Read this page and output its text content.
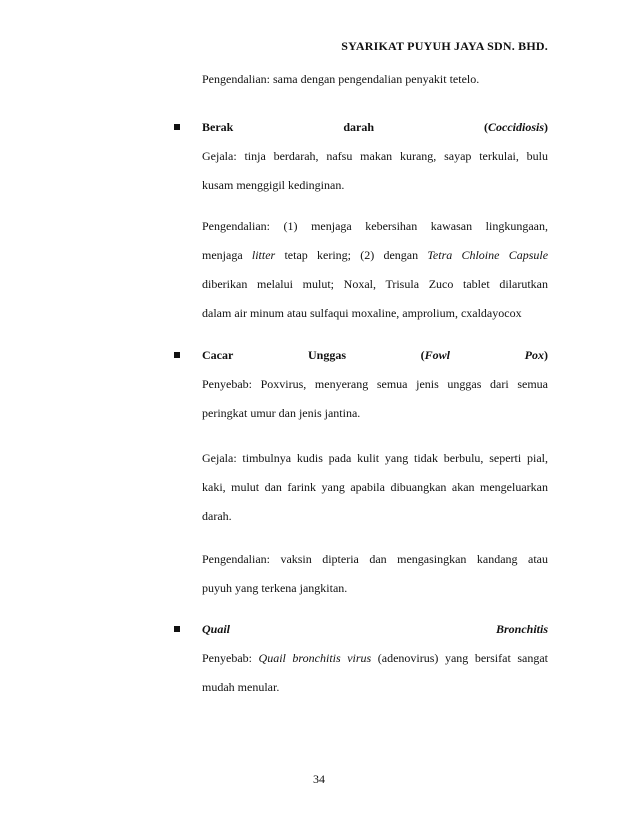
SYARIKAT PUYUH JAYA SDN. BHD.
Pengendalian: sama dengan pengendalian penyakit tetelo.
Berak	darah	(Coccidiosis)
Gejala: tinja berdarah, nafsu makan kurang, sayap terkulai, bulu
kusam menggigil kedinginan.
Pengendalian: (1) menjaga kebersihan kawasan lingkungaan,
menjaga litter tetap kering; (2) dengan Tetra Chloine Capsule
diberikan melalui mulut; Noxal, Trisula Zuco tablet dilarutkan
dalam air minum atau sulfaqui moxaline, amprolium, cxaldayocox
Cacar	Unggas	(Fowl	Pox)
Penyebab: Poxvirus, menyerang semua jenis unggas dari semua
peringkat umur dan jenis jantina.
Gejala: timbulnya kudis pada kulit yang tidak berbulu, seperti pial,
kaki, mulut dan farink yang apabila dibuangkan akan mengeluarkan
darah.
Pengendalian: vaksin dipteria dan mengasingkan kandang atau
puyuh yang terkena jangkitan.
Quail	Bronchitis
Penyebab: Quail bronchitis virus (adenovirus) yang bersifat sangat
mudah menular.
34
